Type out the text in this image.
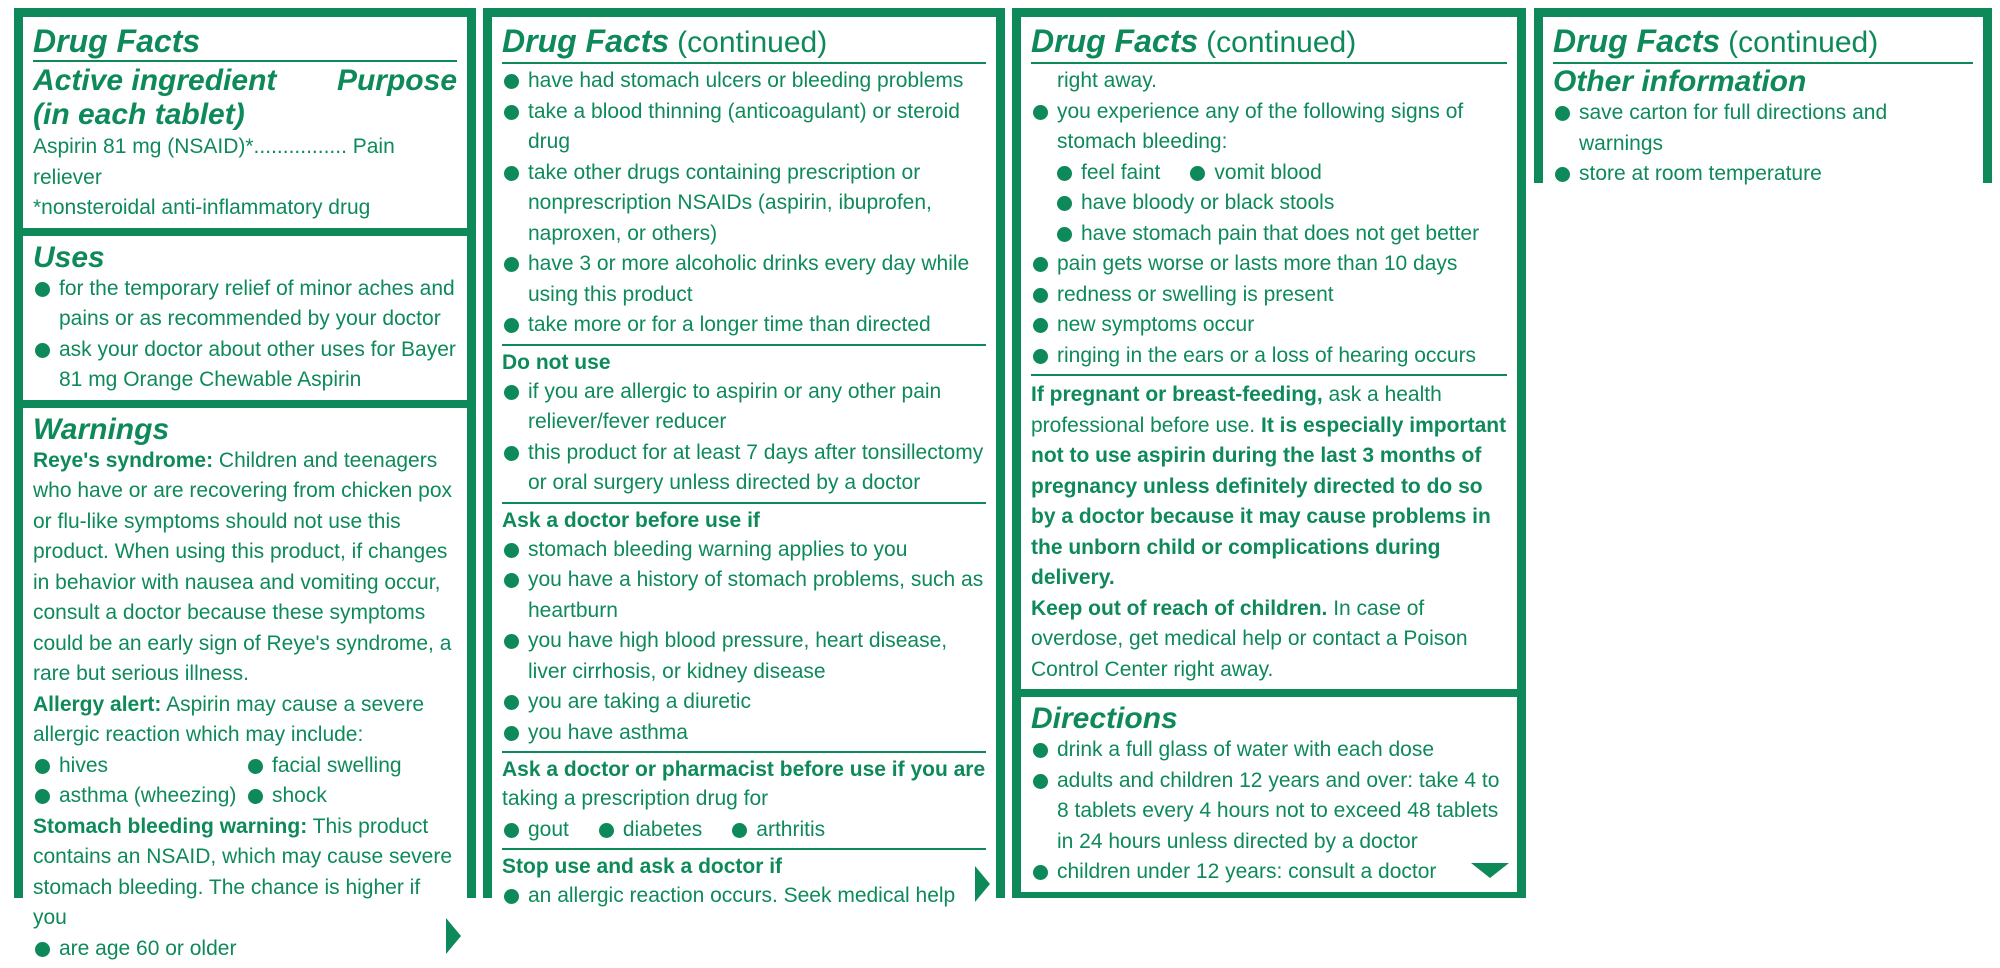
Drug Facts
Active ingredient
(in each tablet)
Purpose
Aspirin 81 mg (NSAID)*................ Pain reliever
*nonsteroidal anti-inflammatory drug
Uses
for the temporary relief of minor aches and pains or as recommended by your doctor
ask your doctor about other uses for Bayer 81 mg Orange Chewable Aspirin
Warnings
Reye's syndrome: Children and teenagers who have or are recovering from chicken pox or flu-like symptoms should not use this product. When using this product, if changes in behavior with nausea and vomiting occur, consult a doctor because these symptoms could be an early sign of Reye's syndrome, a rare but serious illness.
Allergy alert: Aspirin may cause a severe allergic reaction which may include:
hives	facial swelling
asthma (wheezing)	shock
Stomach bleeding warning: This product contains an NSAID, which may cause severe stomach bleeding. The chance is higher if you
are age 60 or older
Drug Facts (continued)
have had stomach ulcers or bleeding problems
take a blood thinning (anticoagulant) or steroid drug
take other drugs containing prescription or nonprescription NSAIDs (aspirin, ibuprofen, naproxen, or others)
have 3 or more alcoholic drinks every day while using this product
take more or for a longer time than directed
Do not use
if you are allergic to aspirin or any other pain reliever/fever reducer
this product for at least 7 days after tonsillectomy or oral surgery unless directed by a doctor
Ask a doctor before use if
stomach bleeding warning applies to you
you have a history of stomach problems, such as heartburn
you have high blood pressure, heart disease, liver cirrhosis, or kidney disease
you are taking a diuretic
you have asthma
Ask a doctor or pharmacist before use if you are
taking a prescription drug for
gout	diabetes	arthritis
Stop use and ask a doctor if
an allergic reaction occurs. Seek medical help
Drug Facts (continued)
right away.
you experience any of the following signs of stomach bleeding:
feel faint	vomit blood
have bloody or black stools
have stomach pain that does not get better
pain gets worse or lasts more than 10 days
redness or swelling is present
new symptoms occur
ringing in the ears or a loss of hearing occurs
If pregnant or breast-feeding, ask a health professional before use. It is especially important not to use aspirin during the last 3 months of pregnancy unless definitely directed to do so by a doctor because it may cause problems in the unborn child or complications during delivery.
Keep out of reach of children. In case of overdose, get medical help or contact a Poison Control Center right away.
Directions
drink a full glass of water with each dose
adults and children 12 years and over: take 4 to 8 tablets every 4 hours not to exceed 48 tablets in 24 hours unless directed by a doctor
children under 12 years: consult a doctor
Drug Facts (continued)
Other information
save carton for full directions and warnings
store at room temperature
